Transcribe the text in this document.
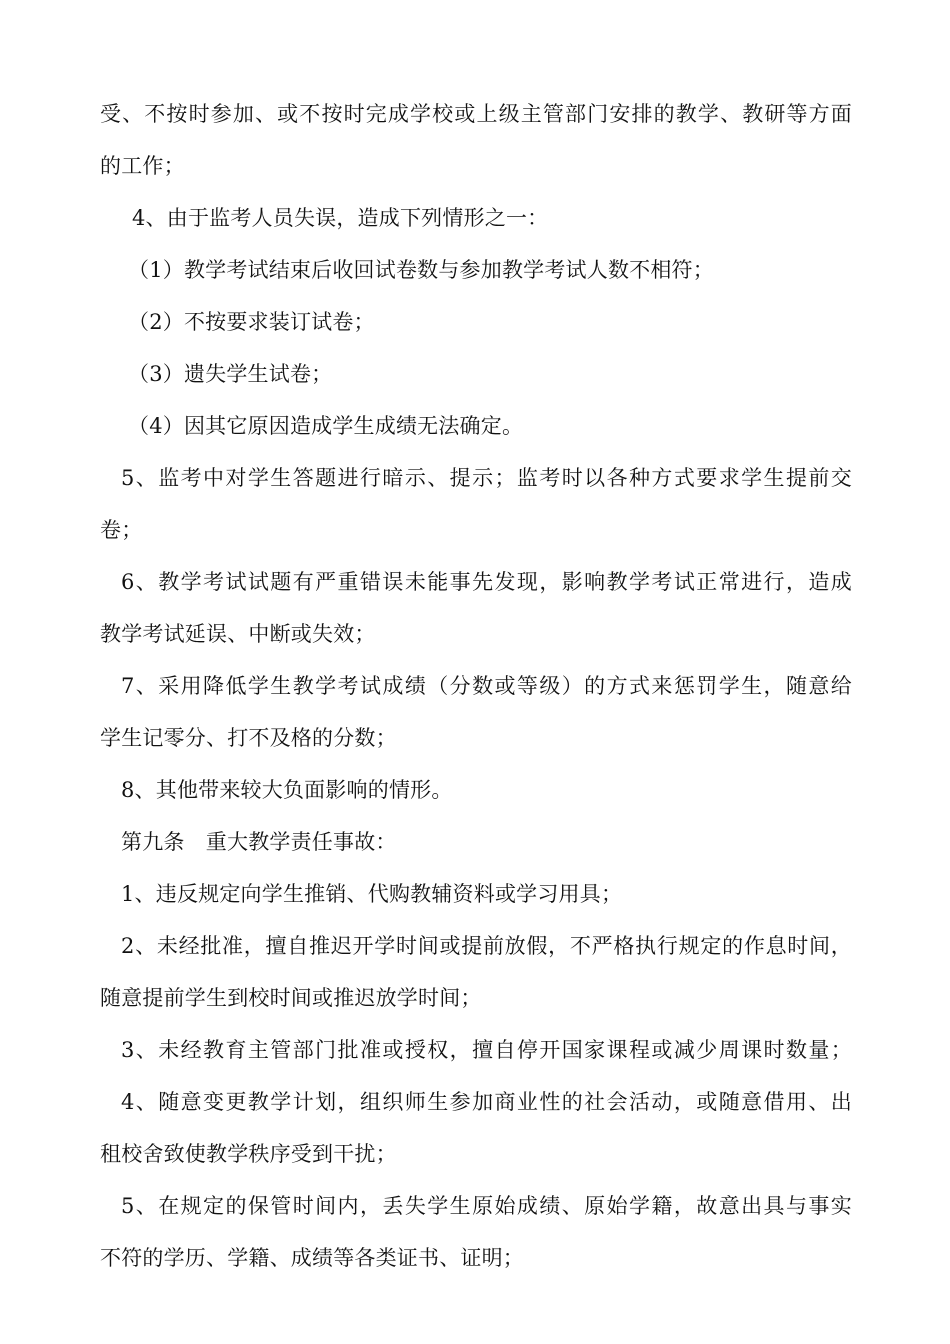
受、不按时参加、或不按时完成学校或上级主管部门安排的教学、教研等方面
的工作；
4、由于监考人员失误，造成下列情形之一：
（1）教学考试结束后收回试卷数与参加教学考试人数不相符；
（2）不按要求装订试卷；
（3）遗失学生试卷；
（4）因其它原因造成学生成绩无法确定。
5、监考中对学生答题进行暗示、提示；监考时以各种方式要求学生提前交
卷；
6、教学考试试题有严重错误未能事先发现，影响教学考试正常进行，造成
教学考试延误、中断或失效；
7、采用降低学生教学考试成绩（分数或等级）的方式来惩罚学生，随意给
学生记零分、打不及格的分数；
8、其他带来较大负面影响的情形。
第九条　重大教学责任事故：
1、违反规定向学生推销、代购教辅资料或学习用具；
2、未经批准，擅自推迟开学时间或提前放假，不严格执行规定的作息时间，
随意提前学生到校时间或推迟放学时间；
3、未经教育主管部门批准或授权，擅自停开国家课程或减少周课时数量；
4、随意变更教学计划，组织师生参加商业性的社会活动，或随意借用、出
租校舍致使教学秩序受到干扰；
5、在规定的保管时间内，丢失学生原始成绩、原始学籍，故意出具与事实
不符的学历、学籍、成绩等各类证书、证明；
